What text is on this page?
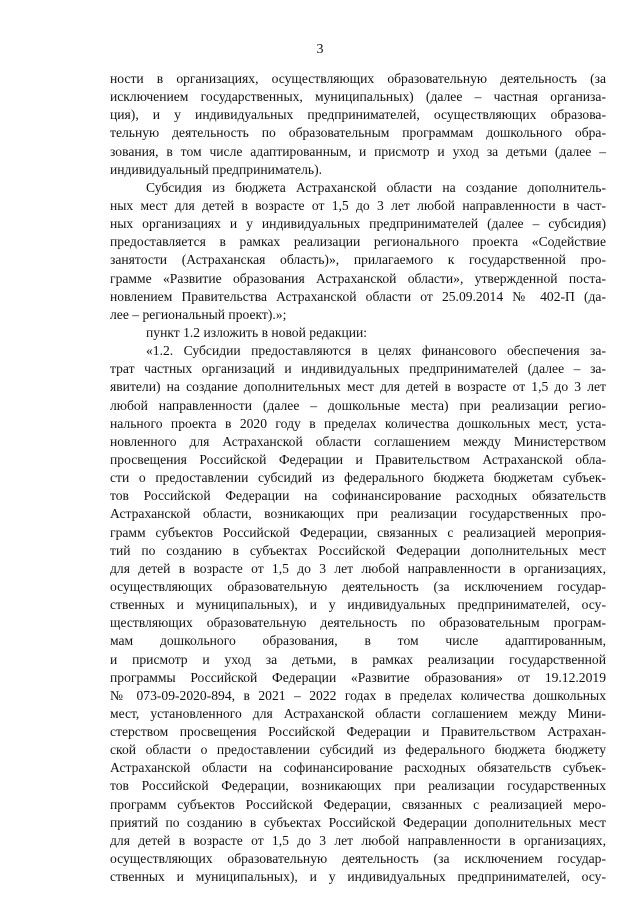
3
ности в организациях, осуществляющих образовательную деятельность (за
исключением государственных, муниципальных) (далее – частная организа-
ция), и у индивидуальных предпринимателей, осуществляющих образова-
тельную деятельность по образовательным программам дошкольного обра-
зования, в том числе адаптированным, и присмотр и уход за детьми (далее –
индивидуальный предприниматель).
Субсидия из бюджета Астраханской области на создание дополнитель-
ных мест для детей в возрасте от 1,5 до 3 лет любой направленности в част-
ных организациях и у индивидуальных предпринимателей (далее – субсидия)
предоставляется в рамках реализации регионального проекта «Содействие
занятости (Астраханская область)», прилагаемого к государственной про-
грамме «Развитие образования Астраханской области», утвержденной поста-
новлением Правительства Астраханской области от 25.09.2014 № 402-П (да-
лее – региональный проект).»;
пункт 1.2 изложить в новой редакции:
«1.2. Субсидии предоставляются в целях финансового обеспечения за-
трат частных организаций и индивидуальных предпринимателей (далее – за-
явители) на создание дополнительных мест для детей в возрасте от 1,5 до 3 лет
любой направленности (далее – дошкольные места) при реализации регио-
нального проекта в 2020 году в пределах количества дошкольных мест, уста-
новленного для Астраханской области соглашением между Министерством
просвещения Российской Федерации и Правительством Астраханской обла-
сти о предоставлении субсидий из федерального бюджета бюджетам субъек-
тов Российской Федерации на софинансирование расходных обязательств
Астраханской области, возникающих при реализации государственных про-
грамм субъектов Российской Федерации, связанных с реализацией мероприя-
тий по созданию в субъектах Российской Федерации дополнительных мест
для детей в возрасте от 1,5 до 3 лет любой направленности в организациях,
осуществляющих образовательную деятельность (за исключением государ-
ственных и муниципальных), и у индивидуальных предпринимателей, осу-
ществляющих образовательную деятельность по образовательным програм-
мам дошкольного образования, в том числе адаптированным,
и присмотр и уход за детьми, в рамках реализации государственной
программы Российской Федерации «Развитие образования» от 19.12.2019
№ 073-09-2020-894, в 2021 – 2022 годах в пределах количества дошкольных
мест, установленного для Астраханской области соглашением между Мини-
стерством просвещения Российской Федерации и Правительством Астрахан-
ской области о предоставлении субсидий из федерального бюджета бюджету
Астраханской области на софинансирование расходных обязательств субъек-
тов Российской Федерации, возникающих при реализации государственных
программ субъектов Российской Федерации, связанных с реализацией меро-
приятий по созданию в субъектах Российской Федерации дополнительных мест
для детей в возрасте от 1,5 до 3 лет любой направленности в организациях,
осуществляющих образовательную деятельность (за исключением государ-
ственных и муниципальных), и у индивидуальных предпринимателей, осу-
